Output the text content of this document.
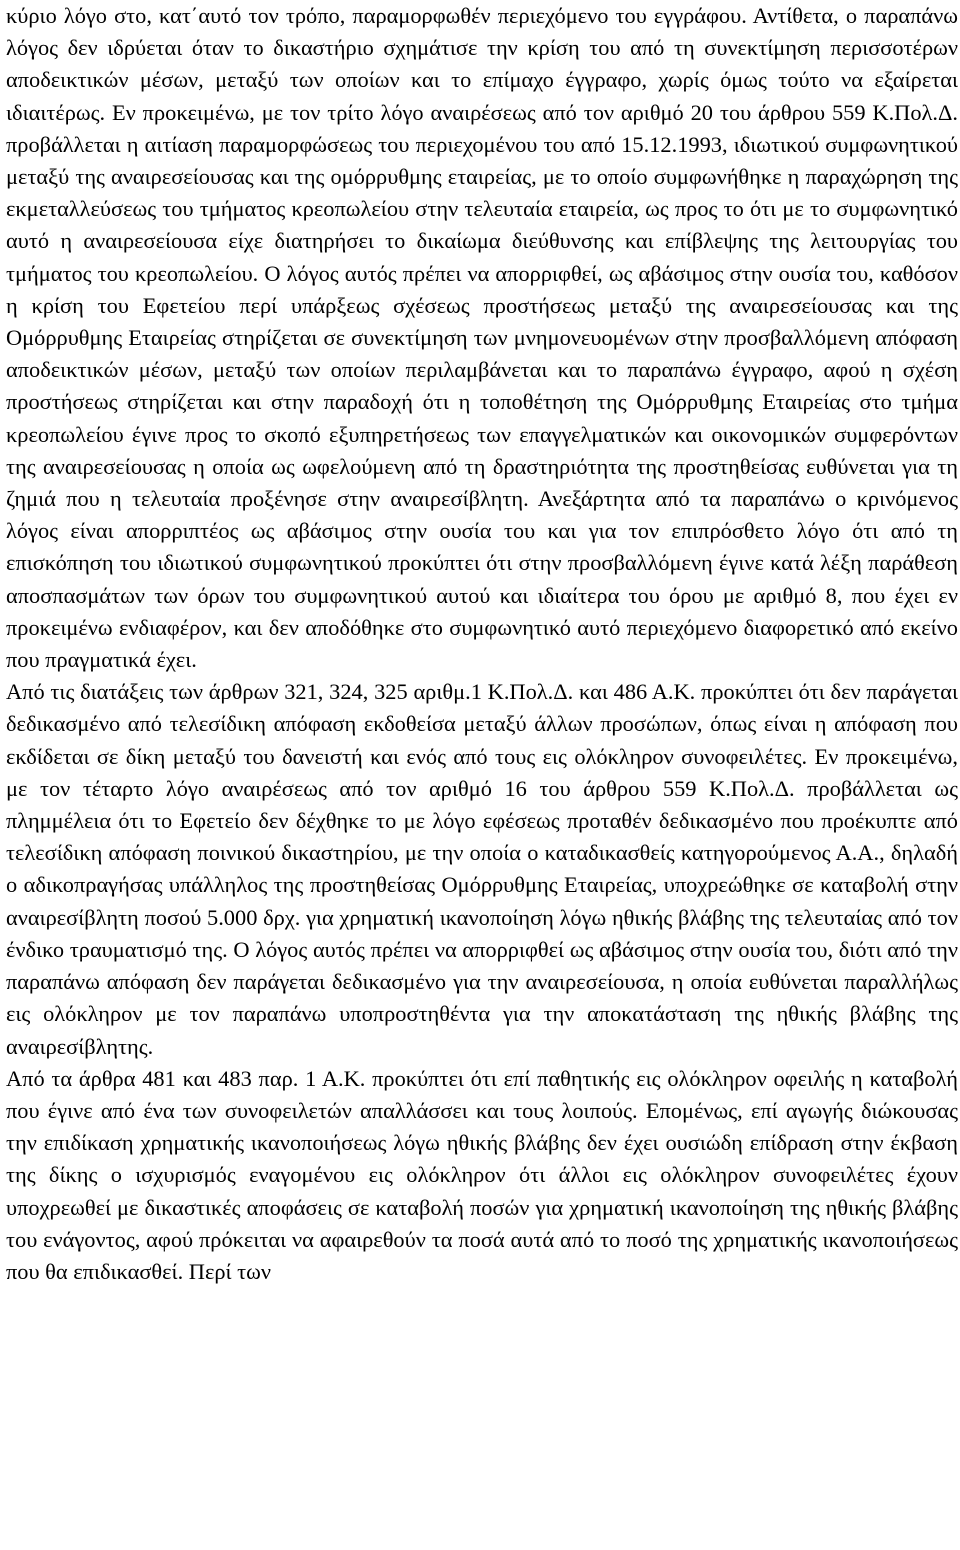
κύριο λόγο στο, κατ΄αυτό τον τρόπο, παραμορφωθέν περιεχόμενο του εγγράφου. Αντίθετα, ο παραπάνω λόγος δεν ιδρύεται όταν το δικαστήριο σχημάτισε την κρίση του από τη συνεκτίμηση περισσοτέρων αποδεικτικών μέσων, μεταξύ των οποίων και το επίμαχο έγγραφο, χωρίς όμως τούτο να εξαίρεται ιδιαιτέρως. Εν προκειμένω, με τον τρίτο λόγο αναιρέσεως από τον αριθμό 20 του άρθρου 559 Κ.Πολ.Δ. προβάλλεται η αιτίαση παραμορφώσεως του περιεχομένου του από 15.12.1993, ιδιωτικού συμφωνητικού μεταξύ της αναιρεσείουσας και της ομόρρυθμης εταιρείας, με το οποίο συμφωνήθηκε η παραχώρηση της εκμεταλλεύσεως του τμήματος κρεοπωλείου στην τελευταία εταιρεία, ως προς το ότι με το συμφωνητικό αυτό η αναιρεσείουσα είχε διατηρήσει το δικαίωμα διεύθυνσης και επίβλεψης της λειτουργίας του τμήματος του κρεοπωλείου. Ο λόγος αυτός πρέπει να απορριφθεί, ως αβάσιμος στην ουσία του, καθόσον η κρίση του Εφετείου περί υπάρξεως σχέσεως προστήσεως μεταξύ της αναιρεσείουσας και της Ομόρρυθμης Εταιρείας στηρίζεται σε συνεκτίμηση των μνημονευομένων στην προσβαλλόμενη απόφαση αποδεικτικών μέσων, μεταξύ των οποίων περιλαμβάνεται και το παραπάνω έγγραφο, αφού η σχέση προστήσεως στηρίζεται και στην παραδοχή ότι η τοποθέτηση της Ομόρρυθμης Εταιρείας στο τμήμα κρεοπωλείου έγινε προς το σκοπό εξυπηρετήσεως των επαγγελματικών και οικονομικών συμφερόντων της αναιρεσείουσας η οποία ως ωφελούμενη από τη δραστηριότητα της προστηθείσας ευθύνεται για τη ζημιά που η τελευταία προξένησε στην αναιρεσίβλητη. Ανεξάρτητα από τα παραπάνω ο κρινόμενος λόγος είναι απορριπτέος ως αβάσιμος στην ουσία του και για τον επιπρόσθετο λόγο ότι από τη επισκόπηση του ιδιωτικού συμφωνητικού προκύπτει ότι στην προσβαλλόμενη έγινε κατά λέξη παράθεση αποσπασμάτων των όρων του συμφωνητικού αυτού και ιδιαίτερα του όρου με αριθμό 8, που έχει εν προκειμένω ενδιαφέρον, και δεν αποδόθηκε στο συμφωνητικό αυτό περιεχόμενο διαφορετικό από εκείνο που πραγματικά έχει.

Από τις διατάξεις των άρθρων 321, 324, 325 αριθμ.1 Κ.Πολ.Δ. και 486 Α.Κ. προκύπτει ότι δεν παράγεται δεδικασμένο από τελεσίδικη απόφαση εκδοθείσα μεταξύ άλλων προσώπων, όπως είναι η απόφαση που εκδίδεται σε δίκη μεταξύ του δανειστή και ενός από τους εις ολόκληρον συνοφειλέτες. Εν προκειμένω, με τον τέταρτο λόγο αναιρέσεως από τον αριθμό 16 του άρθρου 559 Κ.Πολ.Δ. προβάλλεται ως πλημμέλεια ότι το Εφετείο δεν δέχθηκε το με λόγο εφέσεως προταθέν δεδικασμένο που προέκυπτε από τελεσίδικη απόφαση ποινικού δικαστηρίου, με την οποία ο καταδικασθείς κατηγορούμενος Α.Α., δηλαδή ο αδικοπραγήσας υπάλληλος της προστηθείσας Ομόρρυθμης Εταιρείας, υποχρεώθηκε σε καταβολή στην αναιρεσίβλητη ποσού 5.000 δρχ. για χρηματική ικανοποίηση λόγω ηθικής βλάβης της τελευταίας από τον ένδικο τραυματισμό της. Ο λόγος αυτός πρέπει να απορριφθεί ως αβάσιμος στην ουσία του, διότι από την παραπάνω απόφαση δεν παράγεται δεδικασμένο για την αναιρεσείουσα, η οποία ευθύνεται παραλλήλως εις ολόκληρον με τον παραπάνω υποπροστηθέντα για την αποκατάσταση της ηθικής βλάβης της αναιρεσίβλητης.

Από τα άρθρα 481 και 483 παρ. 1 Α.Κ. προκύπτει ότι επί παθητικής εις ολόκληρον οφειλής η καταβολή που έγινε από ένα των συνοφειλετών απαλλάσσει και τους λοιπούς. Επομένως, επί αγωγής διώκουσας την επιδίκαση χρηματικής ικανοποιήσεως λόγω ηθικής βλάβης δεν έχει ουσιώδη επίδραση στην έκβαση της δίκης ο ισχυρισμός εναγομένου εις ολόκληρον ότι άλλοι εις ολόκληρον συνοφειλέτες έχουν υποχρεωθεί με δικαστικές αποφάσεις σε καταβολή ποσών για χρηματική ικανοποίηση της ηθικής βλάβης του ενάγοντος, αφού πρόκειται να αφαιρεθούν τα ποσά αυτά από το ποσό της χρηματικής ικανοποιήσεως που θα επιδικασθεί. Περί των
